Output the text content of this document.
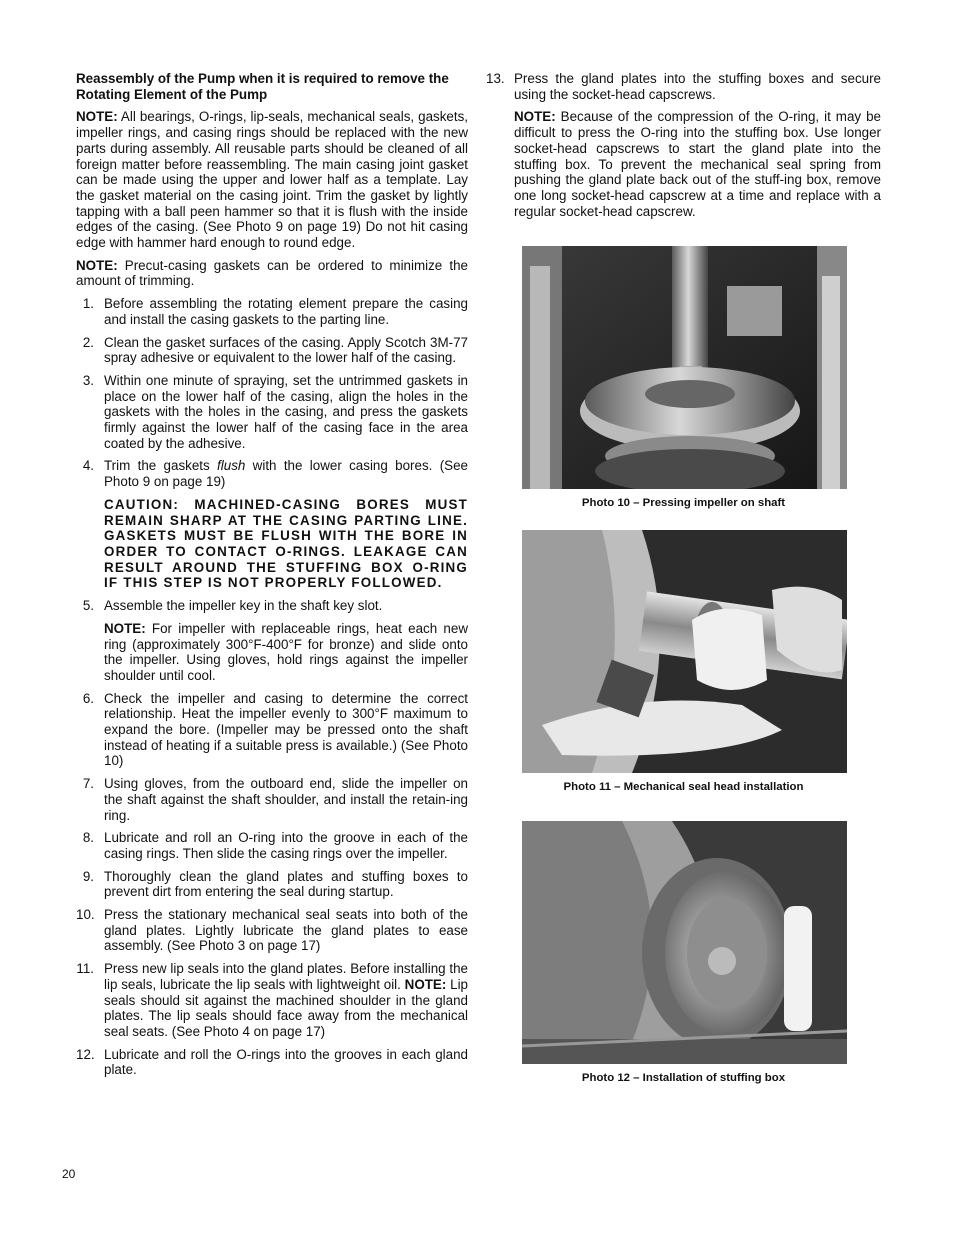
Reassembly of the Pump when it is required to remove the Rotating Element of the Pump

NOTE: All bearings, O-rings, lip-seals, mechanical seals, gaskets, impeller rings, and casing rings should be replaced with the new parts during assembly. All reusable parts should be cleaned of all foreign matter before reassembling. The main casing joint gasket can be made using the upper and lower half as a template. Lay the gasket material on the casing joint. Trim the gasket by lightly tapping with a ball peen hammer so that it is flush with the inside edges of the casing. (See Photo 9 on page 19) Do not hit casing edge with hammer hard enough to round edge.

NOTE: Precut-casing gaskets can be ordered to minimize the amount of trimming.

1. Before assembling the rotating element prepare the casing and install the casing gaskets to the parting line.
2. Clean the gasket surfaces of the casing. Apply Scotch 3M-77 spray adhesive or equivalent to the lower half of the casing.
3. Within one minute of spraying, set the untrimmed gaskets in place on the lower half of the casing, align the holes in the gaskets with the holes in the casing, and press the gaskets firmly against the lower half of the casing face in the area coated by the adhesive.
4. Trim the gaskets flush with the lower casing bores. (See Photo 9 on page 19)
CAUTION: MACHINED-CASING BORES MUST REMAIN SHARP AT THE CASING PARTING LINE. GASKETS MUST BE FLUSH WITH THE BORE IN ORDER TO CONTACT O-RINGS. LEAKAGE CAN RESULT AROUND THE STUFFING BOX O-RING IF THIS STEP IS NOT PROPERLY FOLLOWED.
5. Assemble the impeller key in the shaft key slot.
NOTE: For impeller with replaceable rings, heat each new ring (approximately 300°F-400°F for bronze) and slide onto the impeller. Using gloves, hold rings against the impeller shoulder until cool.
6. Check the impeller and casing to determine the correct relationship. Heat the impeller evenly to 300°F maximum to expand the bore. (Impeller may be pressed onto the shaft instead of heating if a suitable press is available.) (See Photo 10)
7. Using gloves, from the outboard end, slide the impeller on the shaft against the shaft shoulder, and install the retain-ing ring.
8. Lubricate and roll an O-ring into the groove in each of the casing rings. Then slide the casing rings over the impeller.
9. Thoroughly clean the gland plates and stuffing boxes to prevent dirt from entering the seal during startup.
10. Press the stationary mechanical seal seats into both of the gland plates. Lightly lubricate the gland plates to ease assembly. (See Photo 3 on page 17)
11. Press new lip seals into the gland plates. Before installing the lip seals, lubricate the lip seals with lightweight oil. NOTE: Lip seals should sit against the machined shoulder in the gland plates. The lip seals should face away from the mechanical seal seats. (See Photo 4 on page 17)
12. Lubricate and roll the O-rings into the grooves in each gland plate.
13. Press the gland plates into the stuffing boxes and secure using the socket-head capscrews.
NOTE: Because of the compression of the O-ring, it may be difficult to press the O-ring into the stuffing box. Use longer socket-head capscrews to start the gland plate into the stuffing box. To prevent the mechanical seal spring from pushing the gland plate back out of the stuff-ing box, remove one long socket-head capscrew at a time and replace with a regular socket-head capscrew.
Photo 10 – Pressing impeller on shaft
Photo 11 – Mechanical seal head installation
Photo 12 – Installation of stuffing box
20
